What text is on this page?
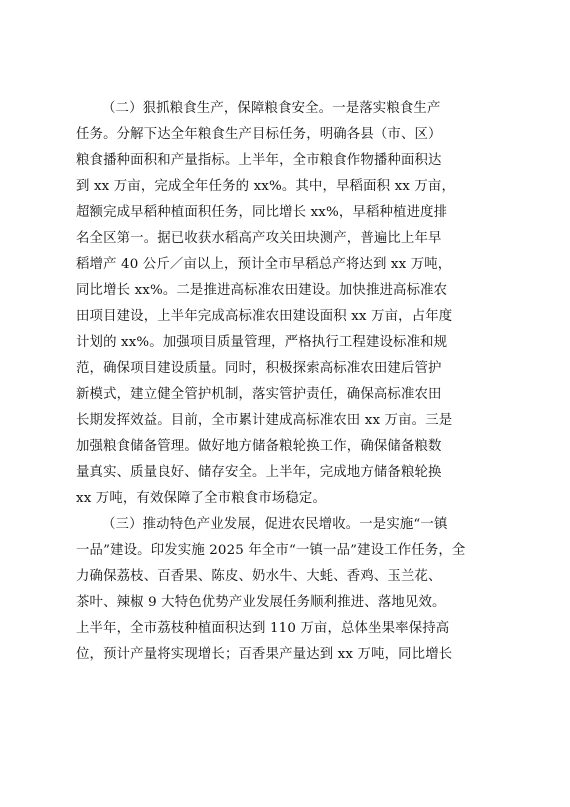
（二）狠抓粮食生产，保障粮食安全。一是落实粮食生产
任务。分解下达全年粮食生产目标任务，明确各县（市、区）
粮食播种面积和产量指标。上半年，全市粮食作物播种面积达
到 xx 万亩，完成全年任务的 xx%。其中，早稻面积 xx 万亩，
超额完成早稻种植面积任务，同比增长 xx%，早稻种植进度排
名全区第一。据已收获水稻高产攻关田块测产，普遍比上年早
稻增产 40 公斤／亩以上，预计全市早稻总产将达到 xx 万吨，
同比增长 xx%。二是推进高标准农田建设。加快推进高标准农
田项目建设，上半年完成高标准农田建设面积 xx 万亩，占年度
计划的 xx%。加强项目质量管理，严格执行工程建设标准和规
范，确保项目建设质量。同时，积极探索高标准农田建后管护
新模式，建立健全管护机制，落实管护责任，确保高标准农田
长期发挥效益。目前，全市累计建成高标准农田 xx 万亩。三是
加强粮食储备管理。做好地方储备粮轮换工作，确保储备粮数
量真实、质量良好、储存安全。上半年，完成地方储备粮轮换
xx 万吨，有效保障了全市粮食市场稳定。
（三）推动特色产业发展，促进农民增收。一是实施“一镇
一品”建设。印发实施 2025 年全市“一镇一品”建设工作任务，全
力确保荔枝、百香果、陈皮、奶水牛、大蚝、香鸡、玉兰花、
茶叶、辣椒 9 大特色优势产业发展任务顺利推进、落地见效。
上半年，全市荔枝种植面积达到 110 万亩，总体坐果率保持高
位，预计产量将实现增长；百香果产量达到 xx 万吨，同比增长
